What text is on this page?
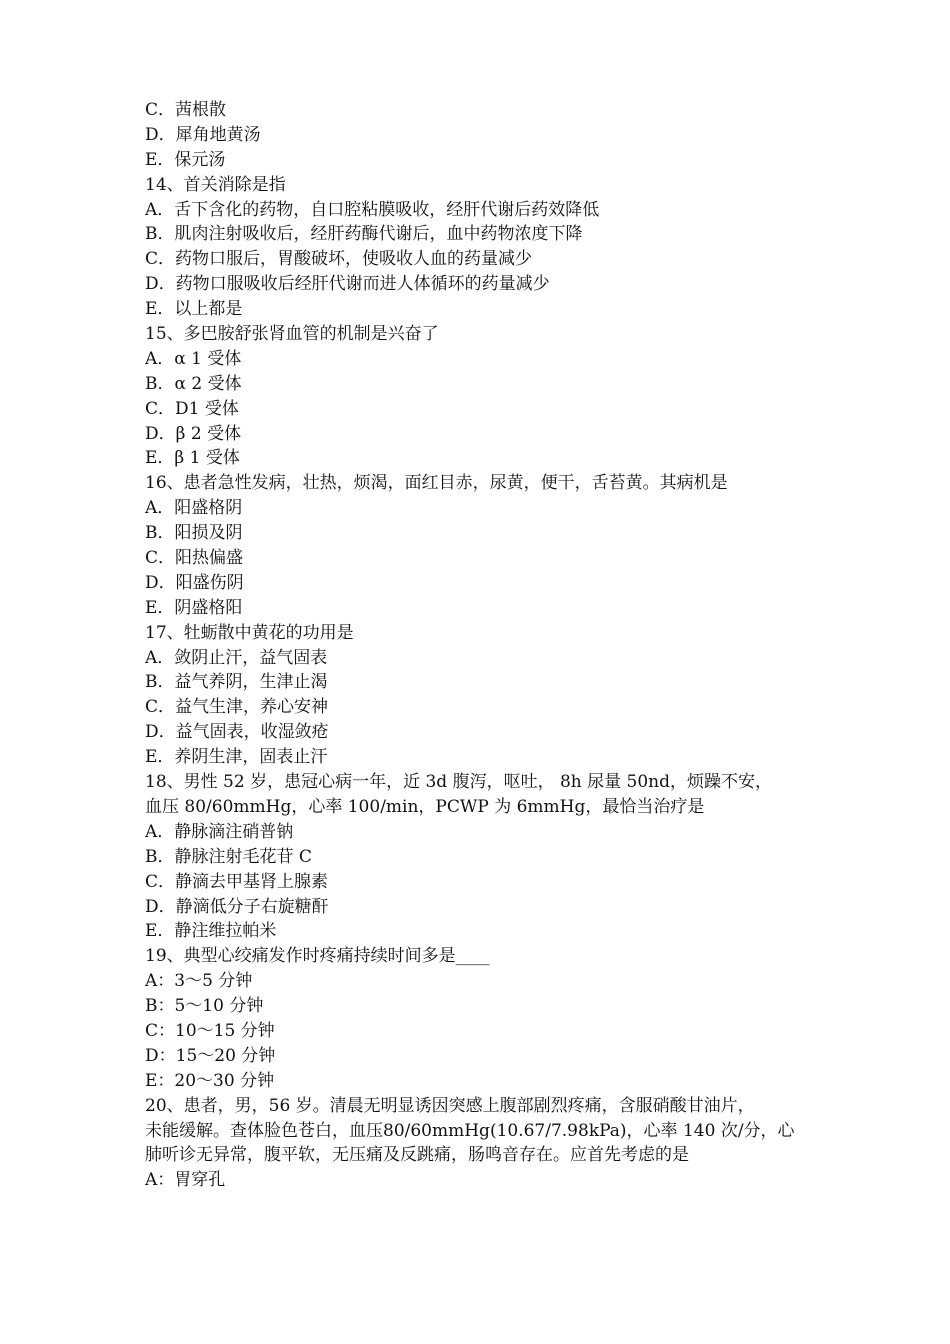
C．茜根散
D．犀角地黄汤
E．保元汤
14、首关消除是指
A．舌下含化的药物，自口腔粘膜吸收，经肝代谢后药效降低
B．肌肉注射吸收后，经肝药酶代谢后，血中药物浓度下降
C．药物口服后，胃酸破坏，使吸收人血的药量减少
D．药物口服吸收后经肝代谢而进人体循环的药量减少
E．以上都是
15、多巴胺舒张肾血管的机制是兴奋了
A．α 1 受体
B．α 2 受体
C．D1 受体
D．β 2 受体
E．β 1 受体
16、患者急性发病，壮热，烦渴，面红目赤，尿黄，便干，舌苔黄。其病机是
A．阳盛格阴
B．阳损及阴
C．阳热偏盛
D．阳盛伤阴
E．阴盛格阳
17、牡蛎散中黄花的功用是
A．敛阴止汗，益气固表
B．益气养阴，生津止渴
C．益气生津，养心安神
D．益气固表，收湿敛疮
E．养阴生津，固表止汗
18、男性 52 岁，患冠心病一年，近 3d 腹泻，呕吐， 8h 尿量 50nd，烦躁不安，
血压 80/60mmHg，心率 100/min，PCWP 为 6mmHg，最恰当治疗是
A．静脉滴注硝普钠
B．静脉注射毛花苷 C
C．静滴去甲基肾上腺素
D．静滴低分子右旋糖酐
E．静注维拉帕米
19、典型心绞痛发作时疼痛持续时间多是____
A：3～5 分钟
B：5～10 分钟
C：10～15 分钟
D：15～20 分钟
E：20～30 分钟
20、患者，男，56 岁。清晨无明显诱因突感上腹部剧烈疼痛，含服硝酸甘油片，
未能缓解。查体脸色苍白，血压80/60mmHg(10.67/7.98kPa)，心率 140 次/分，心
肺听诊无异常，腹平软，无压痛及反跳痛，肠鸣音存在。应首先考虑的是
A：胃穿孔
